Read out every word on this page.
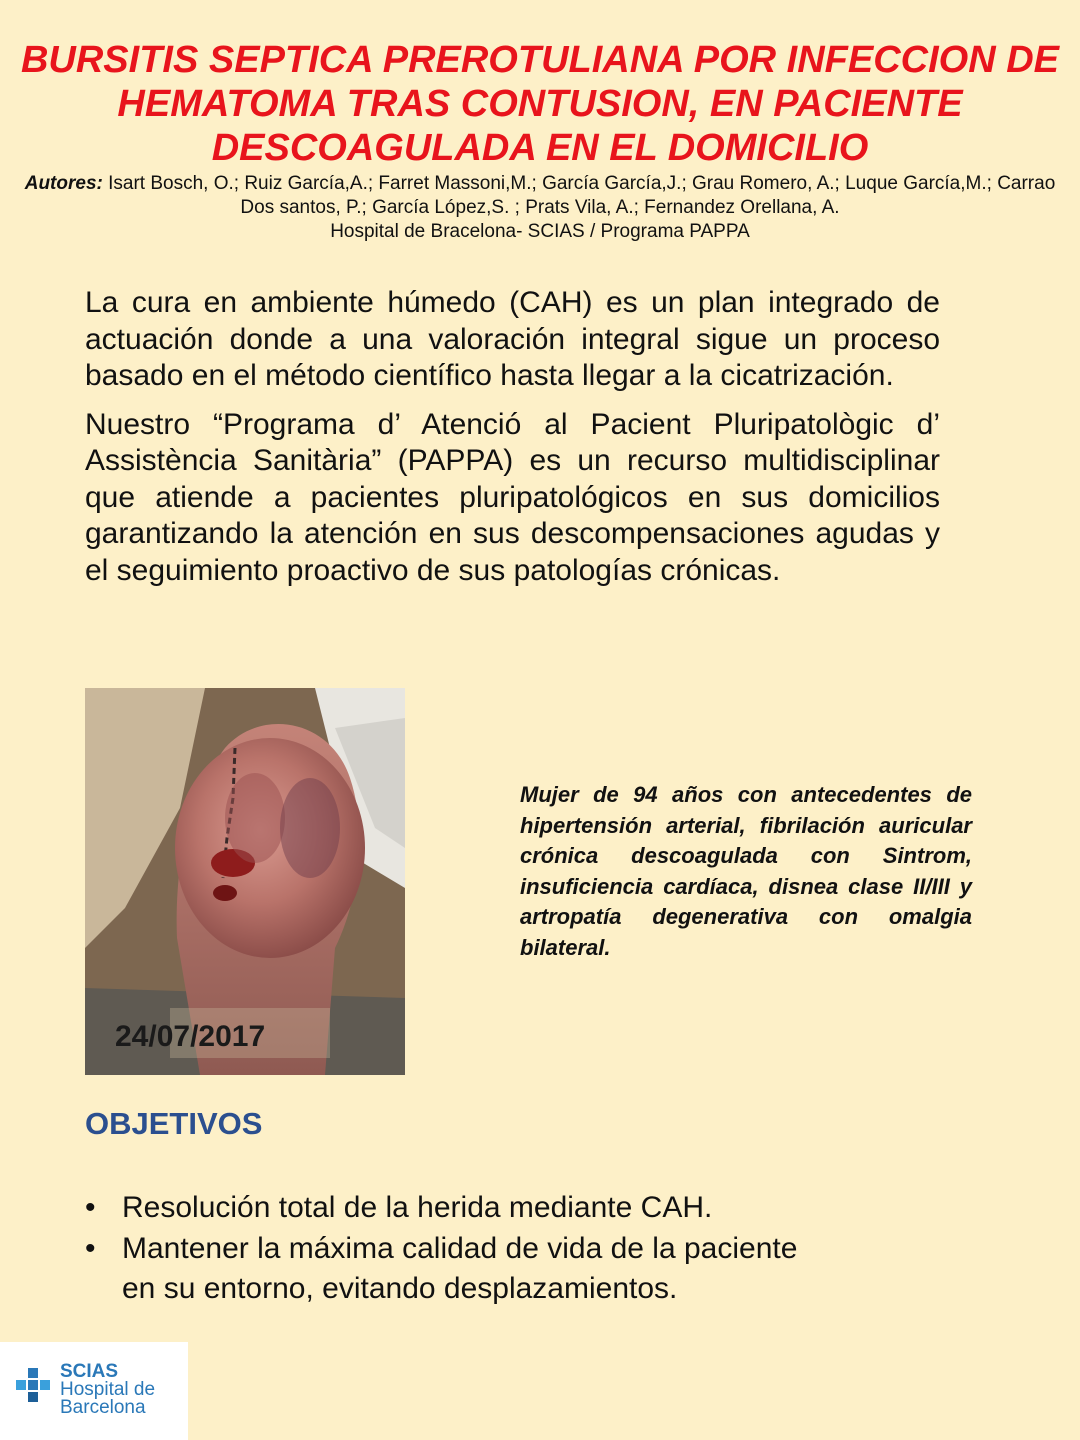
BURSITIS SEPTICA PREROTULIANA POR INFECCION DE HEMATOMA TRAS CONTUSION, EN PACIENTE DESCOAGULADA EN EL DOMICILIO
Autores: Isart Bosch, O.; Ruiz García,A.; Farret Massoni,M.; García García,J.; Grau Romero, A.; Luque García,M.; Carrao Dos santos, P.; García López,S. ; Prats Vila, A.; Fernandez Orellana, A.
Hospital de Bracelona- SCIAS / Programa PAPPA

La cura en ambiente húmedo (CAH) es un plan integrado de actuación donde a una valoración integral sigue un proceso basado en el método científico hasta llegar a la cicatrización.

Nuestro “Programa d’ Atenció al Pacient Pluripatològic d’ Assistència Sanitària” (PAPPA) es un recurso multidisciplinar que atiende a pacientes pluripatológicos en sus domicilios garantizando la atención en sus descompensaciones agudas y el seguimiento proactivo de sus patologías crónicas.

24/07/2017

Mujer de 94 años con antecedentes de hipertensión arterial, fibrilación auricular crónica descoagulada con Sintrom, insuficiencia cardíaca, disnea clase II/III y artropatía degenerativa con omalgia bilateral.

OBJETIVOS
• Resolución total de la herida mediante CAH.
• Mantener la máxima calidad de vida de la paciente en su entorno, evitando desplazamientos.
SCIAS
Hospital de
Barcelona
